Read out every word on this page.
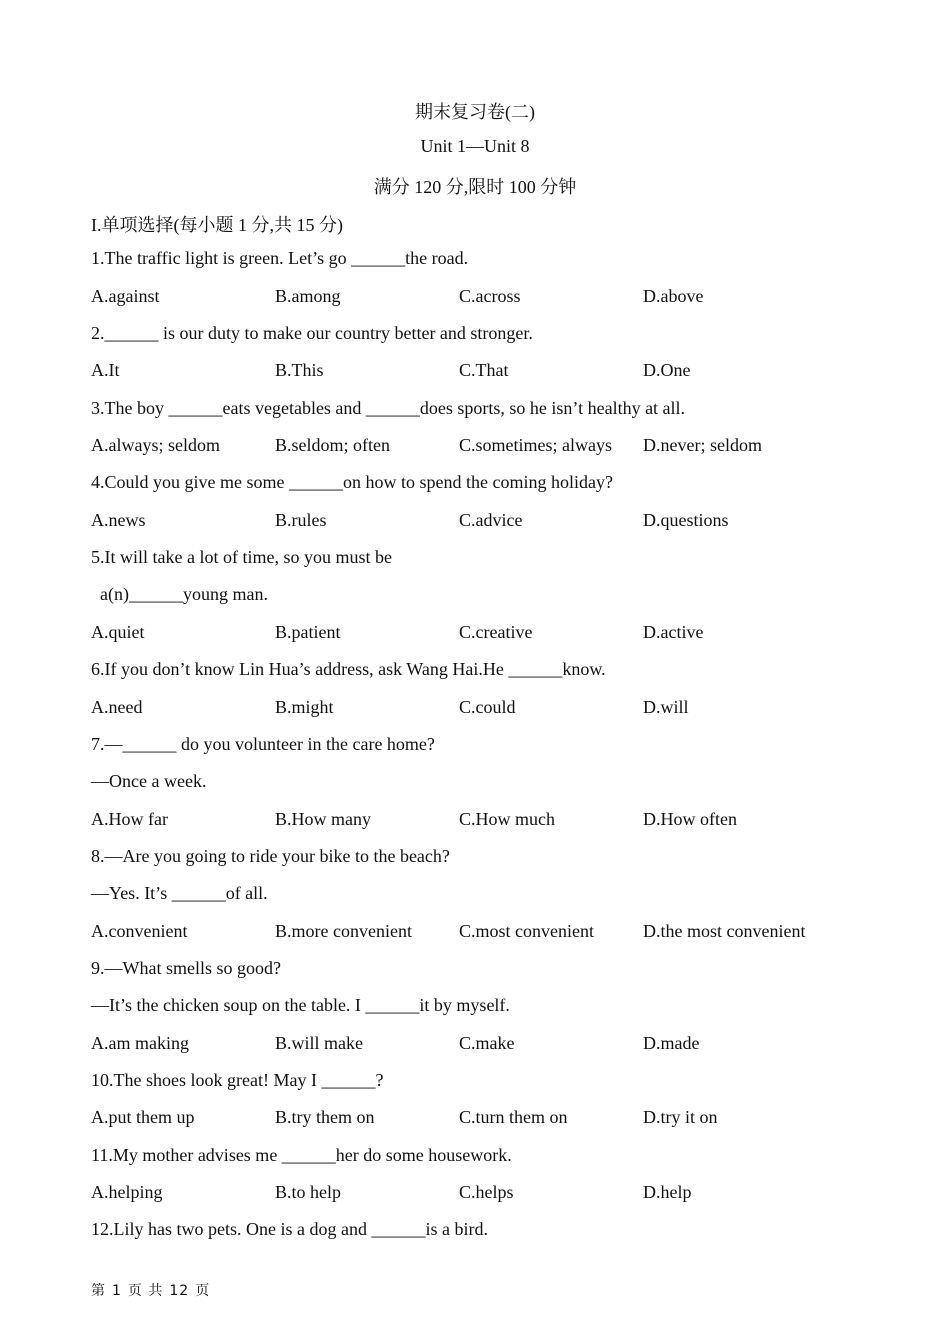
期末复习卷(二)
Unit 1—Unit 8
满分 120 分,限时 100 分钟
I.单项选择(每小题 1 分,共 15 分)
1.The traffic light is green. Let’s go ______the road.
A.against	B.among	C.across	D.above
2.______ is our duty to make our country better and stronger.
A.It	B.This	C.That	D.One
3.The boy ______eats vegetables and ______does sports, so he isn’t healthy at all.
A.always; seldom	B.seldom; often	C.sometimes; always D.never; seldom
4.Could you give me some ______on how to spend the coming holiday?
A.news	B.rules	C.advice	D.questions
5.It will take a lot of time, so you must be
a(n)______young man.
A.quiet	B.patient	C.creative	D.active
6.If you don’t know Lin Hua’s address, ask Wang Hai.He ______know.
A.need	B.might	C.could	D.will
7.—______ do you volunteer in the care home?
—Once a week.
A.How far	B.How many	C.How much	D.How often
8.—Are you going to ride your bike to the beach?
—Yes. It’s ______of all.
A.convenient	B.more convenient	C.most convenient	D.the most convenient
9.—What smells so good?
—It’s the chicken soup on the table. I ______it by myself.
A.am making	B.will make	C.make	D.made
10.The shoes look great! May I ______?
A.put them up	B.try them on	C.turn them on	D.try it on
11.My mother advises me ______her do some housework.
A.helping	B.to help	C.helps	D.help
12.Lily has two pets. One is a dog and ______is a bird.
第 1 页 共 12 页
